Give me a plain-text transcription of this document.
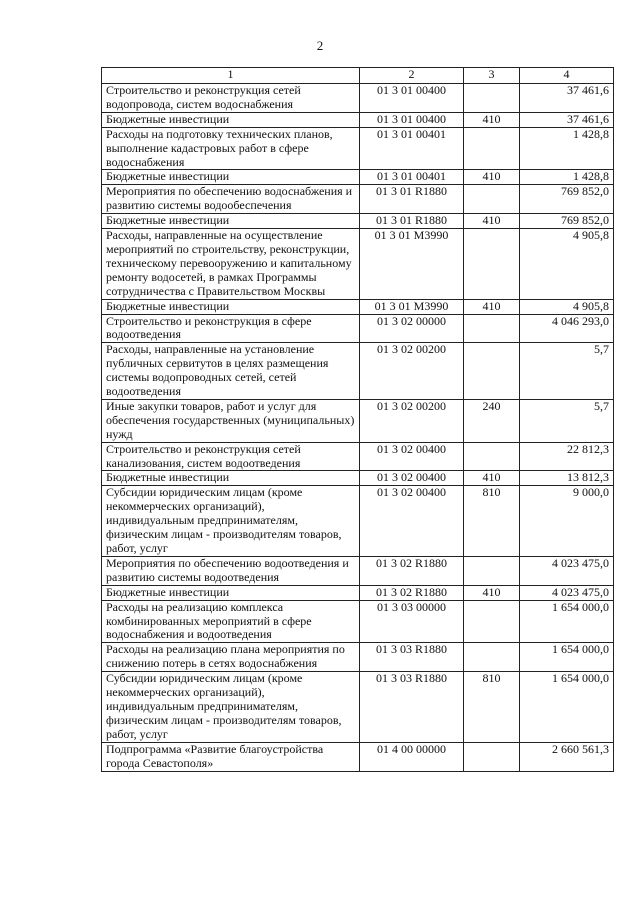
2
1	2	3	4
Строительство и реконструкция сетей водопровода, систем водоснабжения	01 3 01 00400		37 461,6
Бюджетные инвестиции	01 3 01 00400	410	37 461,6
Расходы на подготовку технических планов, выполнение кадастровых работ в сфере водоснабжения	01 3 01 00401		1 428,8
Бюджетные инвестиции	01 3 01 00401	410	1 428,8
Мероприятия по обеспечению водоснабжения и развитию системы водообеспечения	01 3 01 R1880		769 852,0
Бюджетные инвестиции	01 3 01 R1880	410	769 852,0
Расходы, направленные на осуществление мероприятий по строительству, реконструкции, техническому перевооружению и капитальному ремонту водосетей, в рамках Программы сотрудничества с Правительством Москвы	01 3 01 M3990		4 905,8
Бюджетные инвестиции	01 3 01 M3990	410	4 905,8
Строительство и реконструкция в сфере водоотведения	01 3 02 00000		4 046 293,0
Расходы, направленные на установление публичных сервитутов в целях размещения системы водопроводных сетей, сетей водоотведения	01 3 02 00200		5,7
Иные закупки товаров, работ и услуг для обеспечения государственных (муниципальных) нужд	01 3 02 00200	240	5,7
Строительство и реконструкция сетей канализования, систем водоотведения	01 3 02 00400		22 812,3
Бюджетные инвестиции	01 3 02 00400	410	13 812,3
Субсидии юридическим лицам (кроме некоммерческих организаций), индивидуальным предпринимателям, физическим лицам - производителям товаров, работ, услуг	01 3 02 00400	810	9 000,0
Мероприятия по обеспечению водоотведения и развитию системы водоотведения	01 3 02 R1880		4 023 475,0
Бюджетные инвестиции	01 3 02 R1880	410	4 023 475,0
Расходы на реализацию комплекса комбинированных мероприятий в сфере водоснабжения и водоотведения	01 3 03 00000		1 654 000,0
Расходы на реализацию плана мероприятия по снижению потерь в сетях водоснабжения	01 3 03 R1880		1 654 000,0
Субсидии юридическим лицам (кроме некоммерческих организаций), индивидуальным предпринимателям, физическим лицам - производителям товаров, работ, услуг	01 3 03 R1880	810	1 654 000,0
Подпрограмма «Развитие благоустройства города Севастополя»	01 4 00 00000		2 660 561,3
